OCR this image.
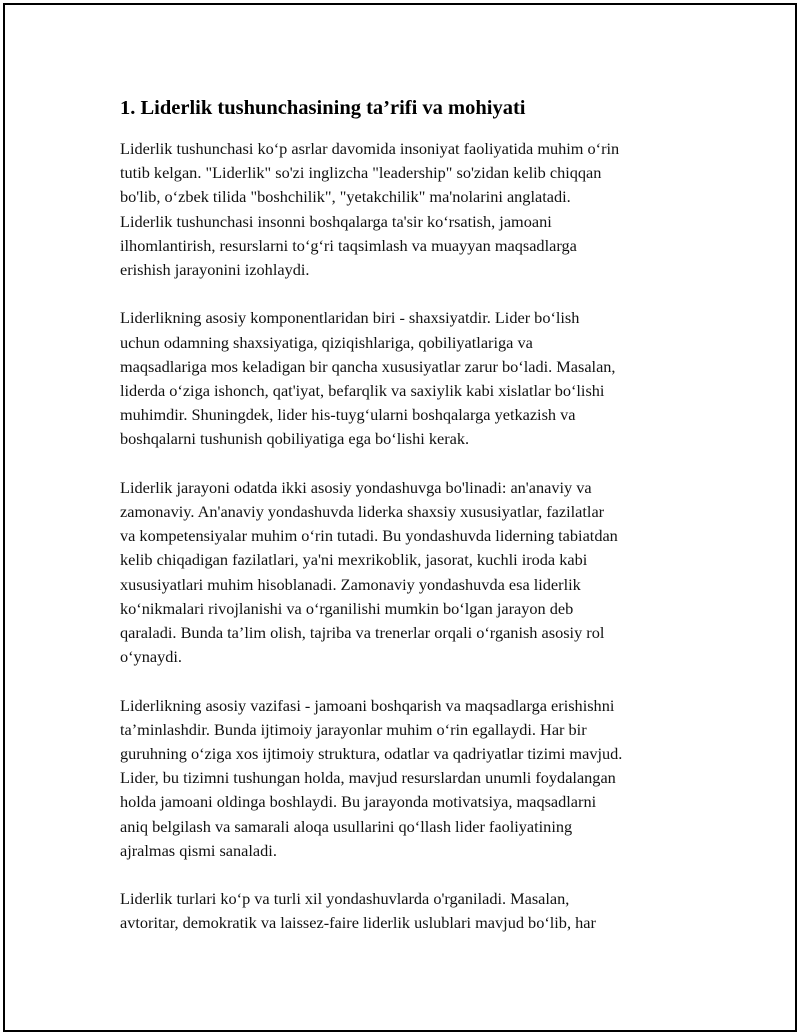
1. Liderlik tushunchasining ta’rifi va mohiyati

Liderlik tushunchasi ko‘p asrlar davomida insoniyat faoliyatida muhim o‘rin
tutib kelgan. "Liderlik" so'zi inglizcha "leadership" so'zidan kelib chiqqan
bo'lib, o‘zbek tilida "boshchilik", "yetakchilik" ma'nolarini anglatadi.
Liderlik tushunchasi insonni boshqalarga ta'sir ko‘rsatish, jamoani
ilhomlantirish, resurslarni to‘g‘ri taqsimlash va muayyan maqsadlarga
erishish jarayonini izohlaydi.

Liderlikning asosiy komponentlaridan biri - shaxsiyatdir. Lider bo‘lish
uchun odamning shaxsiyatiga, qiziqishlariga, qobiliyatlariga va
maqsadlariga mos keladigan bir qancha xususiyatlar zarur bo‘ladi. Masalan,
liderda o‘ziga ishonch, qat'iyat, befarqlik va saxiylik kabi xislatlar bo‘lishi
muhimdir. Shuningdek, lider his-tuyg‘ularni boshqalarga yetkazish va
boshqalarni tushunish qobiliyatiga ega bo‘lishi kerak.

Liderlik jarayoni odatda ikki asosiy yondashuvga bo'linadi: an'anaviy va
zamonaviy. An'anaviy yondashuvda liderka shaxsiy xususiyatlar, fazilatlar
va kompetensiyalar muhim o‘rin tutadi. Bu yondashuvda liderning tabiatdan
kelib chiqadigan fazilatlari, ya'ni mexrikoblik, jasorat, kuchli iroda kabi
xususiyatlari muhim hisoblanadi. Zamonaviy yondashuvda esa liderlik
ko‘nikmalari rivojlanishi va o‘rganilishi mumkin bo‘lgan jarayon deb
qaraladi. Bunda ta’lim olish, tajriba va trenerlar orqali o‘rganish asosiy rol
o‘ynaydi.

Liderlikning asosiy vazifasi - jamoani boshqarish va maqsadlarga erishishni
ta’minlashdir. Bunda ijtimoiy jarayonlar muhim o‘rin egallaydi. Har bir
guruhning o‘ziga xos ijtimoiy struktura, odatlar va qadriyatlar tizimi mavjud.
Lider, bu tizimni tushungan holda, mavjud resurslardan unumli foydalangan
holda jamoani oldinga boshlaydi. Bu jarayonda motivatsiya, maqsadlarni
aniq belgilash va samarali aloqa usullarini qo‘llash lider faoliyatining
ajralmas qismi sanaladi.

Liderlik turlari ko‘p va turli xil yondashuvlarda o'rganiladi. Masalan,
avtoritar, demokratik va laissez-faire liderlik uslublari mavjud bo‘lib, har
